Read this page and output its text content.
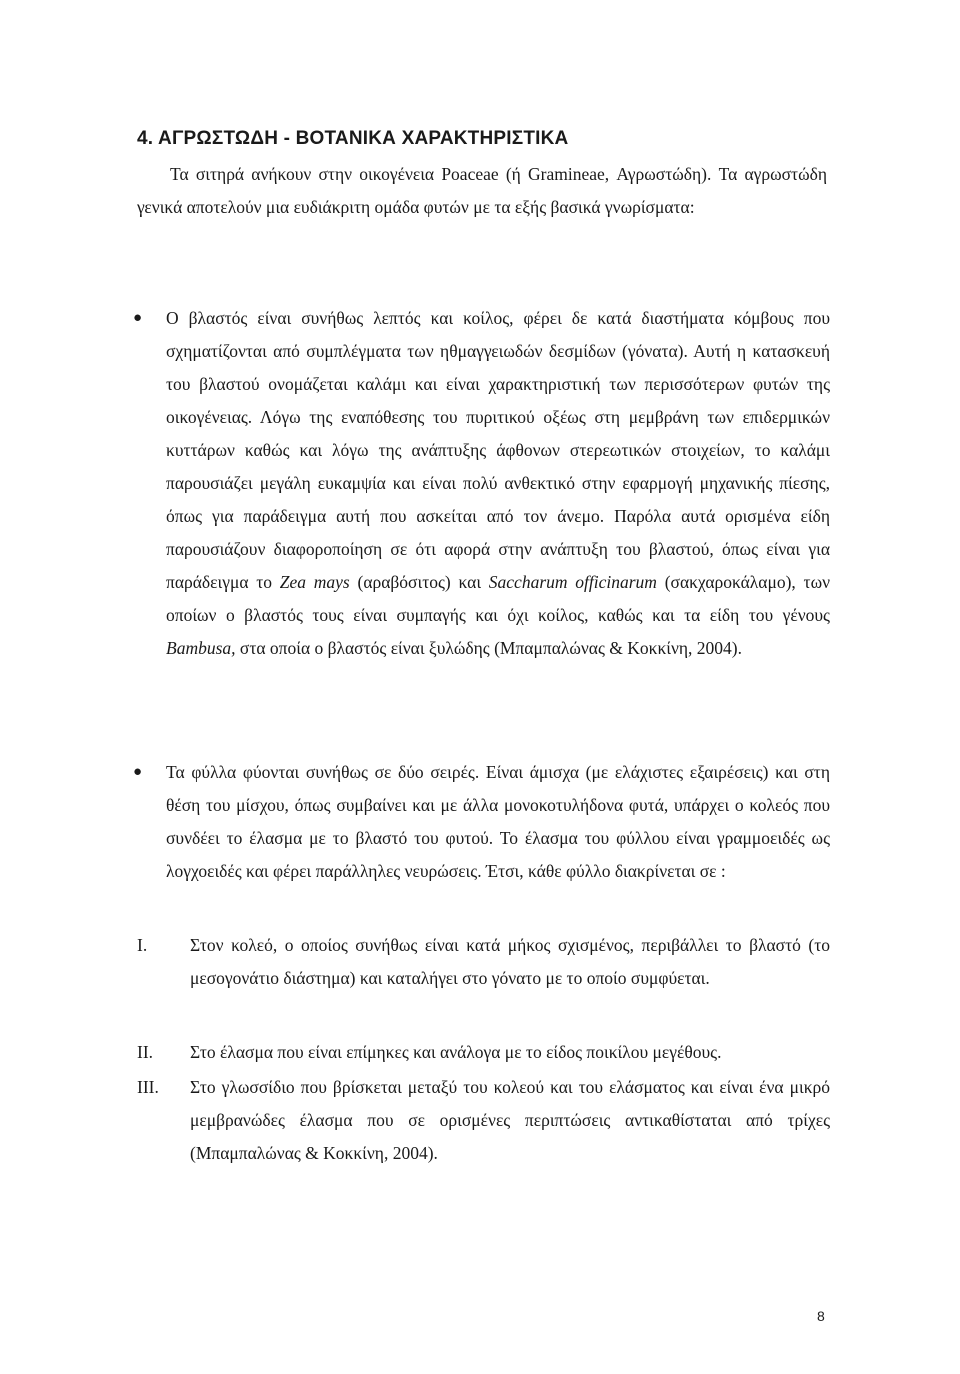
4. ΑΓΡΩΣΤΩΔΗ - ΒΟΤΑΝΙΚΑ ΧΑΡΑΚΤΗΡΙΣΤΙΚΑ
Τα σιτηρά ανήκουν στην οικογένεια Poaceae (ή Gramineae, Αγρωστώδη). Τα αγρωστώδη γενικά αποτελούν μια ευδιάκριτη ομάδα φυτών με τα εξής βασικά γνωρίσματα:
● Ο βλαστός είναι συνήθως λεπτός και κοίλος, φέρει δε κατά διαστήματα κόμβους που σχηματίζονται από συμπλέγματα των ηθμαγγειωδών δεσμίδων (γόνατα). Αυτή η κατασκευή του βλαστού ονομάζεται καλάμι και είναι χαρακτηριστική των περισσότερων φυτών της οικογένειας. Λόγω της εναπόθεσης του πυριτικού οξέως στη μεμβράνη των επιδερμικών κυττάρων καθώς και λόγω της ανάπτυξης άφθονων στερεωτικών στοιχείων, το καλάμι παρουσιάζει μεγάλη ευκαμψία και είναι πολύ ανθεκτικό στην εφαρμογή μηχανικής πίεσης, όπως για παράδειγμα αυτή που ασκείται από τον άνεμο. Παρόλα αυτά ορισμένα είδη παρουσιάζουν διαφοροποίηση σε ότι αφορά στην ανάπτυξη του βλαστού, όπως είναι για παράδειγμα το Zea mays (αραβόσιτος) και Saccharum officinarum (σακχαροκάλαμο), των οποίων ο βλαστός τους είναι συμπαγής και όχι κοίλος, καθώς και τα είδη του γένους Bambusa, στα οποία ο βλαστός είναι ξυλώδης (Μπαμπαλώνας & Κοκκίνη, 2004).
● Τα φύλλα φύονται συνήθως σε δύο σειρές. Είναι άμισχα (με ελάχιστες εξαιρέσεις) και στη θέση του μίσχου, όπως συμβαίνει και με άλλα μονοκοτυλήδονα φυτά, υπάρχει ο κολεός που συνδέει το έλασμα με το βλαστό του φυτού. Το έλασμα του φύλλου είναι γραμμοειδές ως λογχοειδές και φέρει παράλληλες νευρώσεις. Έτσι, κάθε φύλλο διακρίνεται σε :
I.	Στον κολεό, ο οποίος συνήθως είναι κατά μήκος σχισμένος, περιβάλλει το βλαστό (το μεσογονάτιο διάστημα) και καταλήγει στο γόνατο με το οποίο συμφύεται.
II.	Στο έλασμα που είναι επίμηκες και ανάλογα με το είδος ποικίλου μεγέθους.
III.	Στο γλωσσίδιο που βρίσκεται μεταξύ του κολεού και του ελάσματος και είναι ένα μικρό μεμβρανώδες έλασμα που σε ορισμένες περιπτώσεις αντικαθίσταται από τρίχες (Μπαμπαλώνας & Κοκκίνη, 2004).
8
